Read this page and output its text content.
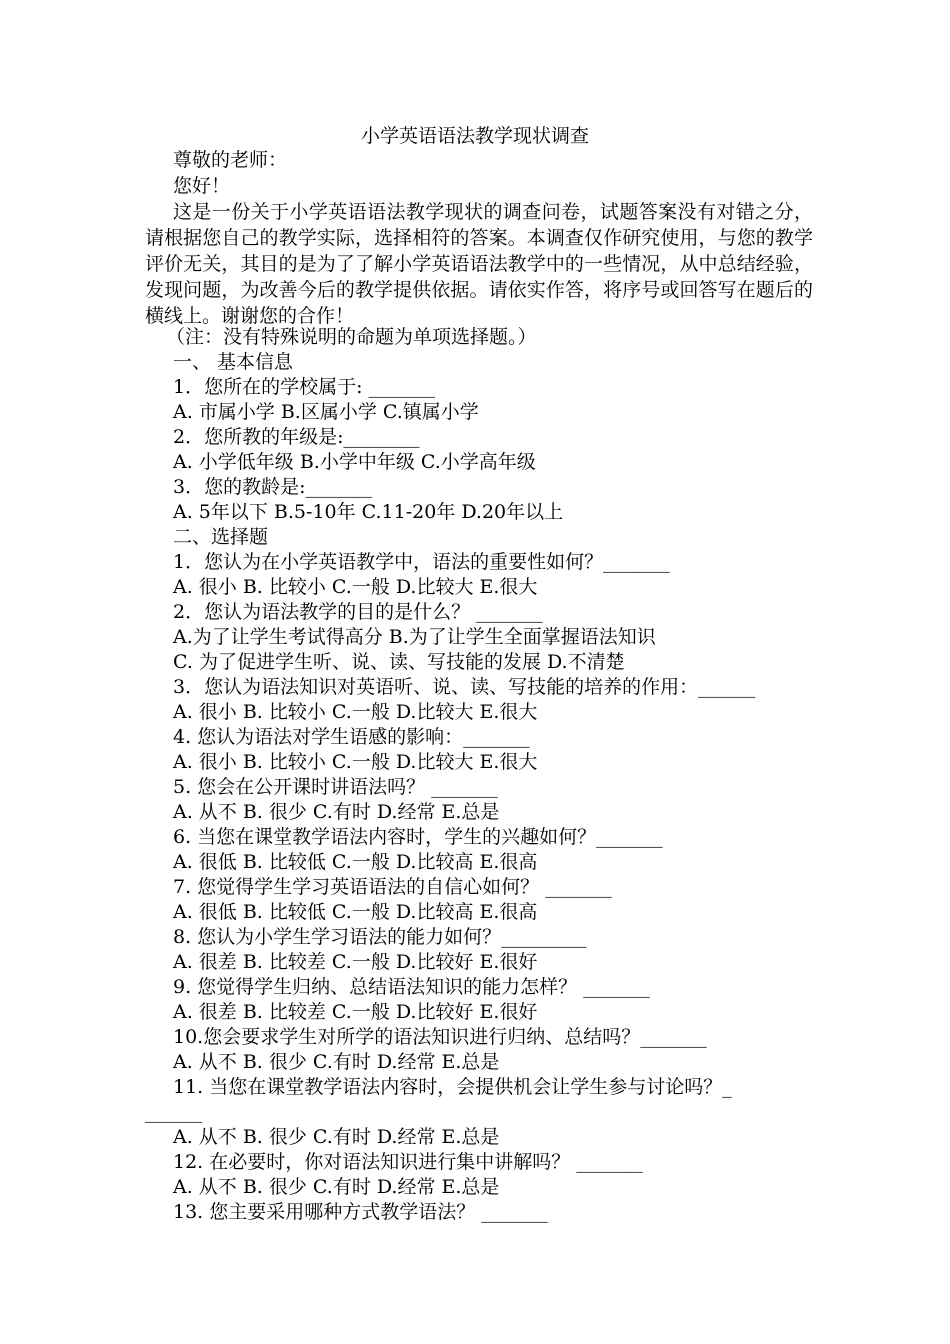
小学英语语法教学现状调查
尊敬的老师：
您好！
这是一份关于小学英语语法教学现状的调查问卷，试题答案没有对错之分，请根据您自己的教学实际，选择相符的答案。本调查仅作研究使用，与您的教学评价无关，其目的是为了了解小学英语语法教学中的一些情况，从中总结经验，发现问题，为改善今后的教学提供依据。请依实作答，将序号或回答写在题后的横线上。谢谢您的合作！
（注：没有特殊说明的命题为单项选择题。）
一、 基本信息
1．您所在的学校属于: _______
A. 市属小学 B.区属小学 C.镇属小学
2．您所教的年级是:________
A. 小学低年级 B.小学中年级 C.小学高年级
3．您的教龄是:_______
A. 5年以下 B.5-10年 C.11-20年 D.20年以上
二、选择题
1．您认为在小学英语教学中，语法的重要性如何？_______
A. 很小 B. 比较小 C.一般 D.比较大 E.很大
2．您认为语法教学的目的是什么？ _______
A.为了让学生考试得高分 B.为了让学生全面掌握语法知识
C. 为了促进学生听、说、读、写技能的发展 D.不清楚
3．您认为语法知识对英语听、说、读、写技能的培养的作用：______
A. 很小 B. 比较小 C.一般 D.比较大 E.很大
4. 您认为语法对学生语感的影响：_______
A. 很小 B. 比较小 C.一般 D.比较大 E.很大
5. 您会在公开课时讲语法吗？ _______
A. 从不 B. 很少 C.有时 D.经常 E.总是
6. 当您在课堂教学语法内容时，学生的兴趣如何？_______
A. 很低 B. 比较低 C.一般 D.比较高 E.很高
7. 您觉得学生学习英语语法的自信心如何？ _______
A. 很低 B. 比较低 C.一般 D.比较高 E.很高
8. 您认为小学生学习语法的能力如何？_________
A. 很差 B. 比较差 C.一般 D.比较好 E.很好
9. 您觉得学生归纳、总结语法知识的能力怎样？ _______
A. 很差 B. 比较差 C.一般 D.比较好 E.很好
10.您会要求学生对所学的语法知识进行归纳、总结吗？_______
A. 从不 B. 很少 C.有时 D.经常 E.总是
11. 当您在课堂教学语法内容时，会提供机会让学生参与讨论吗？_
______
A. 从不 B. 很少 C.有时 D.经常 E.总是
12. 在必要时，你对语法知识进行集中讲解吗？ _______
A. 从不 B. 很少 C.有时 D.经常 E.总是
13. 您主要采用哪种方式教学语法？ _______
